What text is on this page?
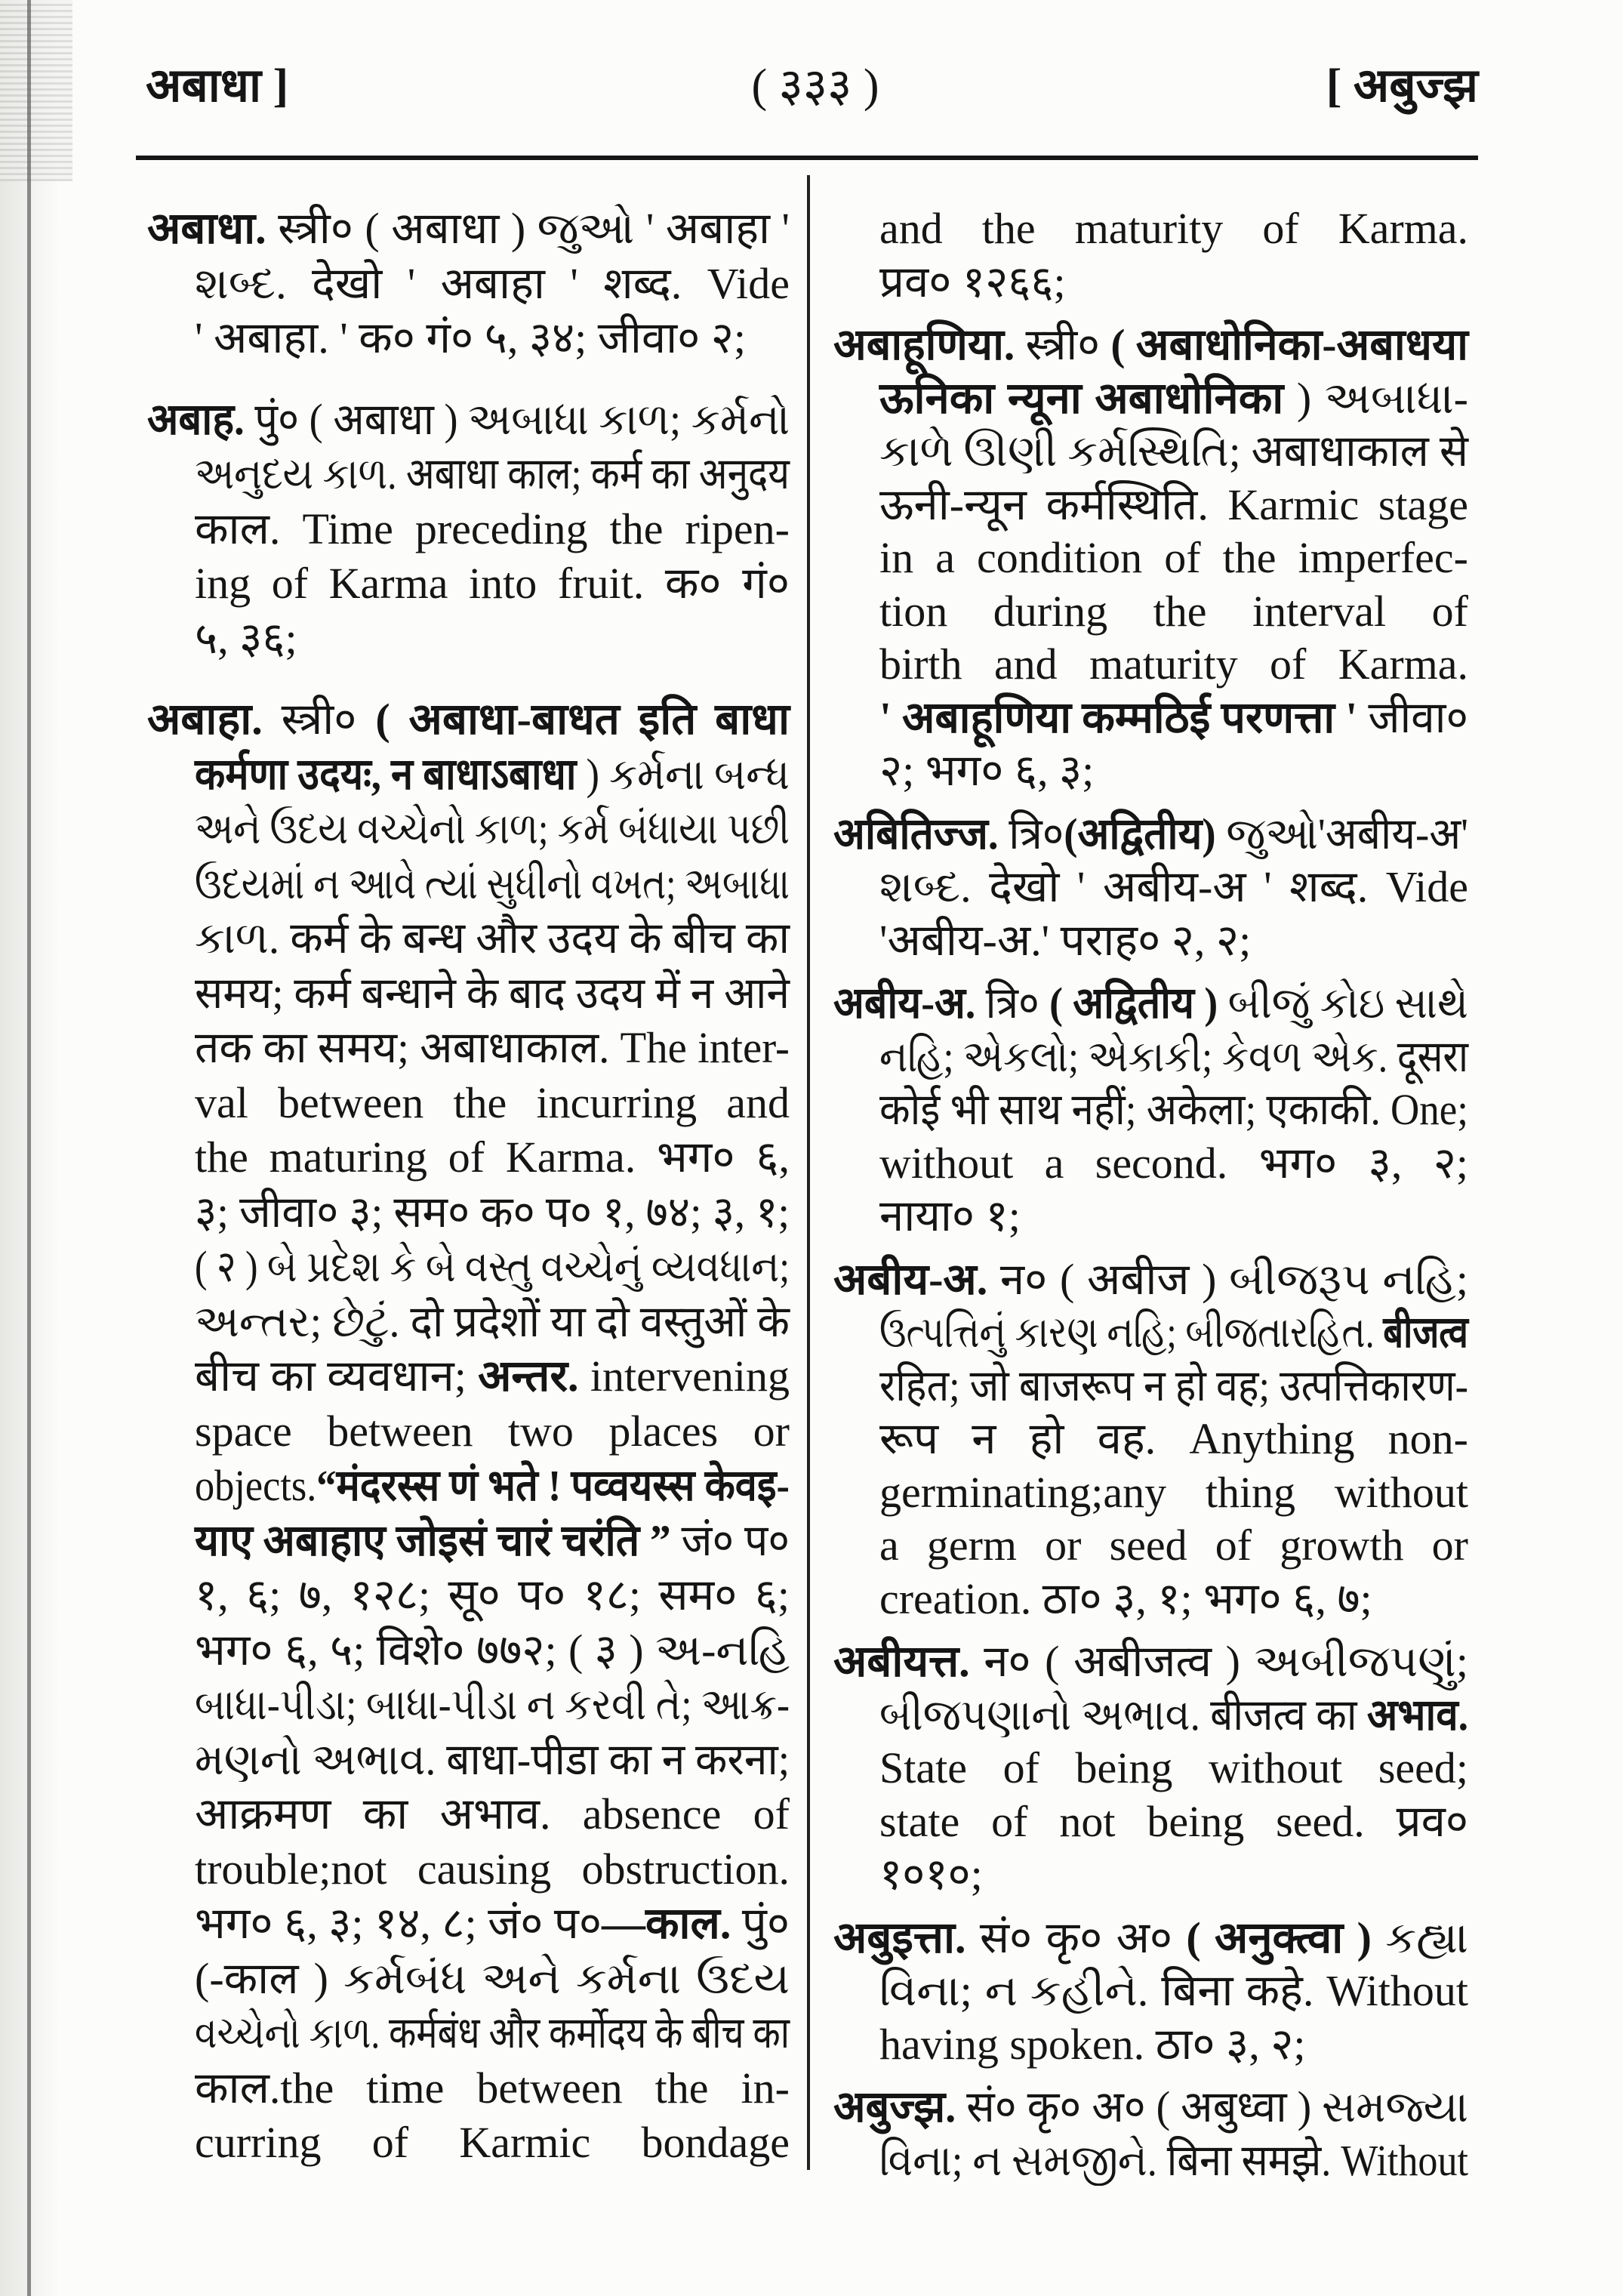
अबाधा ]	( ३३३ )	[ अबुज्झ
अबाधा. स्त्री० ( अबाधा ) જુઓ ' अबाहा '
શબ્દ. देखो ' अबाहा ' शब्द. Vide
' अबाहा. ' क० गं० ५, ३४; जीवा० २;
अबाह. पुं० ( अबाधा ) અબાધા કાળ; કર્મનો
અનુદય કાળ. अबाधा काल; कर्म का अनुदय
काल. Time preceding the ripen-
ing of Karma into fruit. क० गं०
५, ३६;
अबाहा. स्त्री० ( अबाधा-बाधत इति बाधा
कर्मणा उदयः, न बाधाऽबाधा ) કર્મના બન્ધ
અને ઉદય વચ્ચેનો કાળ; કર્મ બંધાયા પછી
ઉદયમાં ન આવે ત્યાં સુધીનો વખત; અબાધા
કાળ. कर्म के बन्ध और उदय के बीच का
समय; कर्म बन्धाने के बाद उदय में न आने
तक का समय; अबाधाकाल. The inter-
val between the incurring and
the maturing of Karma. भग० ६,
३; जीवा० ३; सम० क० प० १, ७४; ३, १;
( २ ) બે પ્રદેશ કે બે વસ્તુ વચ્ચેનું વ્યવધાન;
અન્તર; છેટું. दो प्रदेशों या दो वस्तुओं के
बीच का व्यवधान; अन्तर. intervening
space between two places or
objects.“मंदरस्स णं भते ! पव्वयस्स केवइ-
याए अबाहाए जोइसं चारं चरंति ” जं० प०
१, ६; ७, १२८; सू० प० १८; सम० ६;
भग० ६, ५; विशे० ७७२; ( ३ ) અ-નહિ
બાધા-પીડા; બાધા-પીડા ન કરવી તે; આક્ર-
મણનો અભાવ. बाधा-पीडा का न करना;
आक्रमण का अभाव. absence of
trouble;not causing obstruction.
भग० ६, ३; १४, ८; जं० प०—काल. पुं०
(-काल ) કર્મબંધ અને કર્મના ઉદય
વચ્ચેનો કાળ. कर्मबंध और कर्मोदय के बीच का
काल.the time between the in-
curring of Karmic bondage
and the maturity of Karma.
प्रव० १२६६;
अबाहूणिया. स्त्री० ( अबाधोनिका-अबाधया
ऊनिका न्यूना अबाधोनिका ) અબાધા-
કાળે ઊણી કર્મસ્થિતિ; अबाधाकाल से
ऊनी-न्यून कर्मस्थिति. Karmic stage
in a condition of the imperfec-
tion during the interval of
birth and maturity of Karma.
' अबाहूणिया कम्मठिई परणत्ता ' जीवा०
२; भग० ६, ३;
अबितिज्ज. त्रि०(अद्वितीय) જુઓ'अबीय-अ'
શબ્દ. देखो ' अबीय-अ ' शब्द. Vide
'अबीय-अ.' पराह० २, २;
अबीय-अ. त्रि० ( अद्वितीय ) બીજું કોઇ સાથે
નહિ; એકલો; એકાકી; કેવળ એક. दूसरा
कोई भी साथ नहीं; अकेला; एकाकी. One;
without a second. भग० ३, २;
नाया० १;
अबीय-अ. न० ( अबीज ) બીજરૂપ નહિ;
ઉત્પત્તિનું કારણ નહિ; બીજતારહિત. बीजत्व
रहित; जो बाजरूप न हो वह; उत्पत्तिकारण-
रूप न हो वह. Anything non-
germinating;any thing without
a germ or seed of growth or
creation. ठा० ३, १; भग० ६, ७;
अबीयत्त. न० ( अबीजत्व ) અબીજપણું;
બીજપણાનો અભાવ. बीजत्व का अभाव.
State of being without seed;
state of not being seed. प्रव०
१०१०;
अबुइत्ता. सं० कृ० अ० ( अनुक्त्वा ) કહ્યા
વિના; ન કહીને. बिना कहे. Without
having spoken. ठा० ३, २;
अबुज्झ. सं० कृ० अ० ( अबुध्वा ) સમજ્યા
વિના; ન સમજીને. बिना समझे. Without
